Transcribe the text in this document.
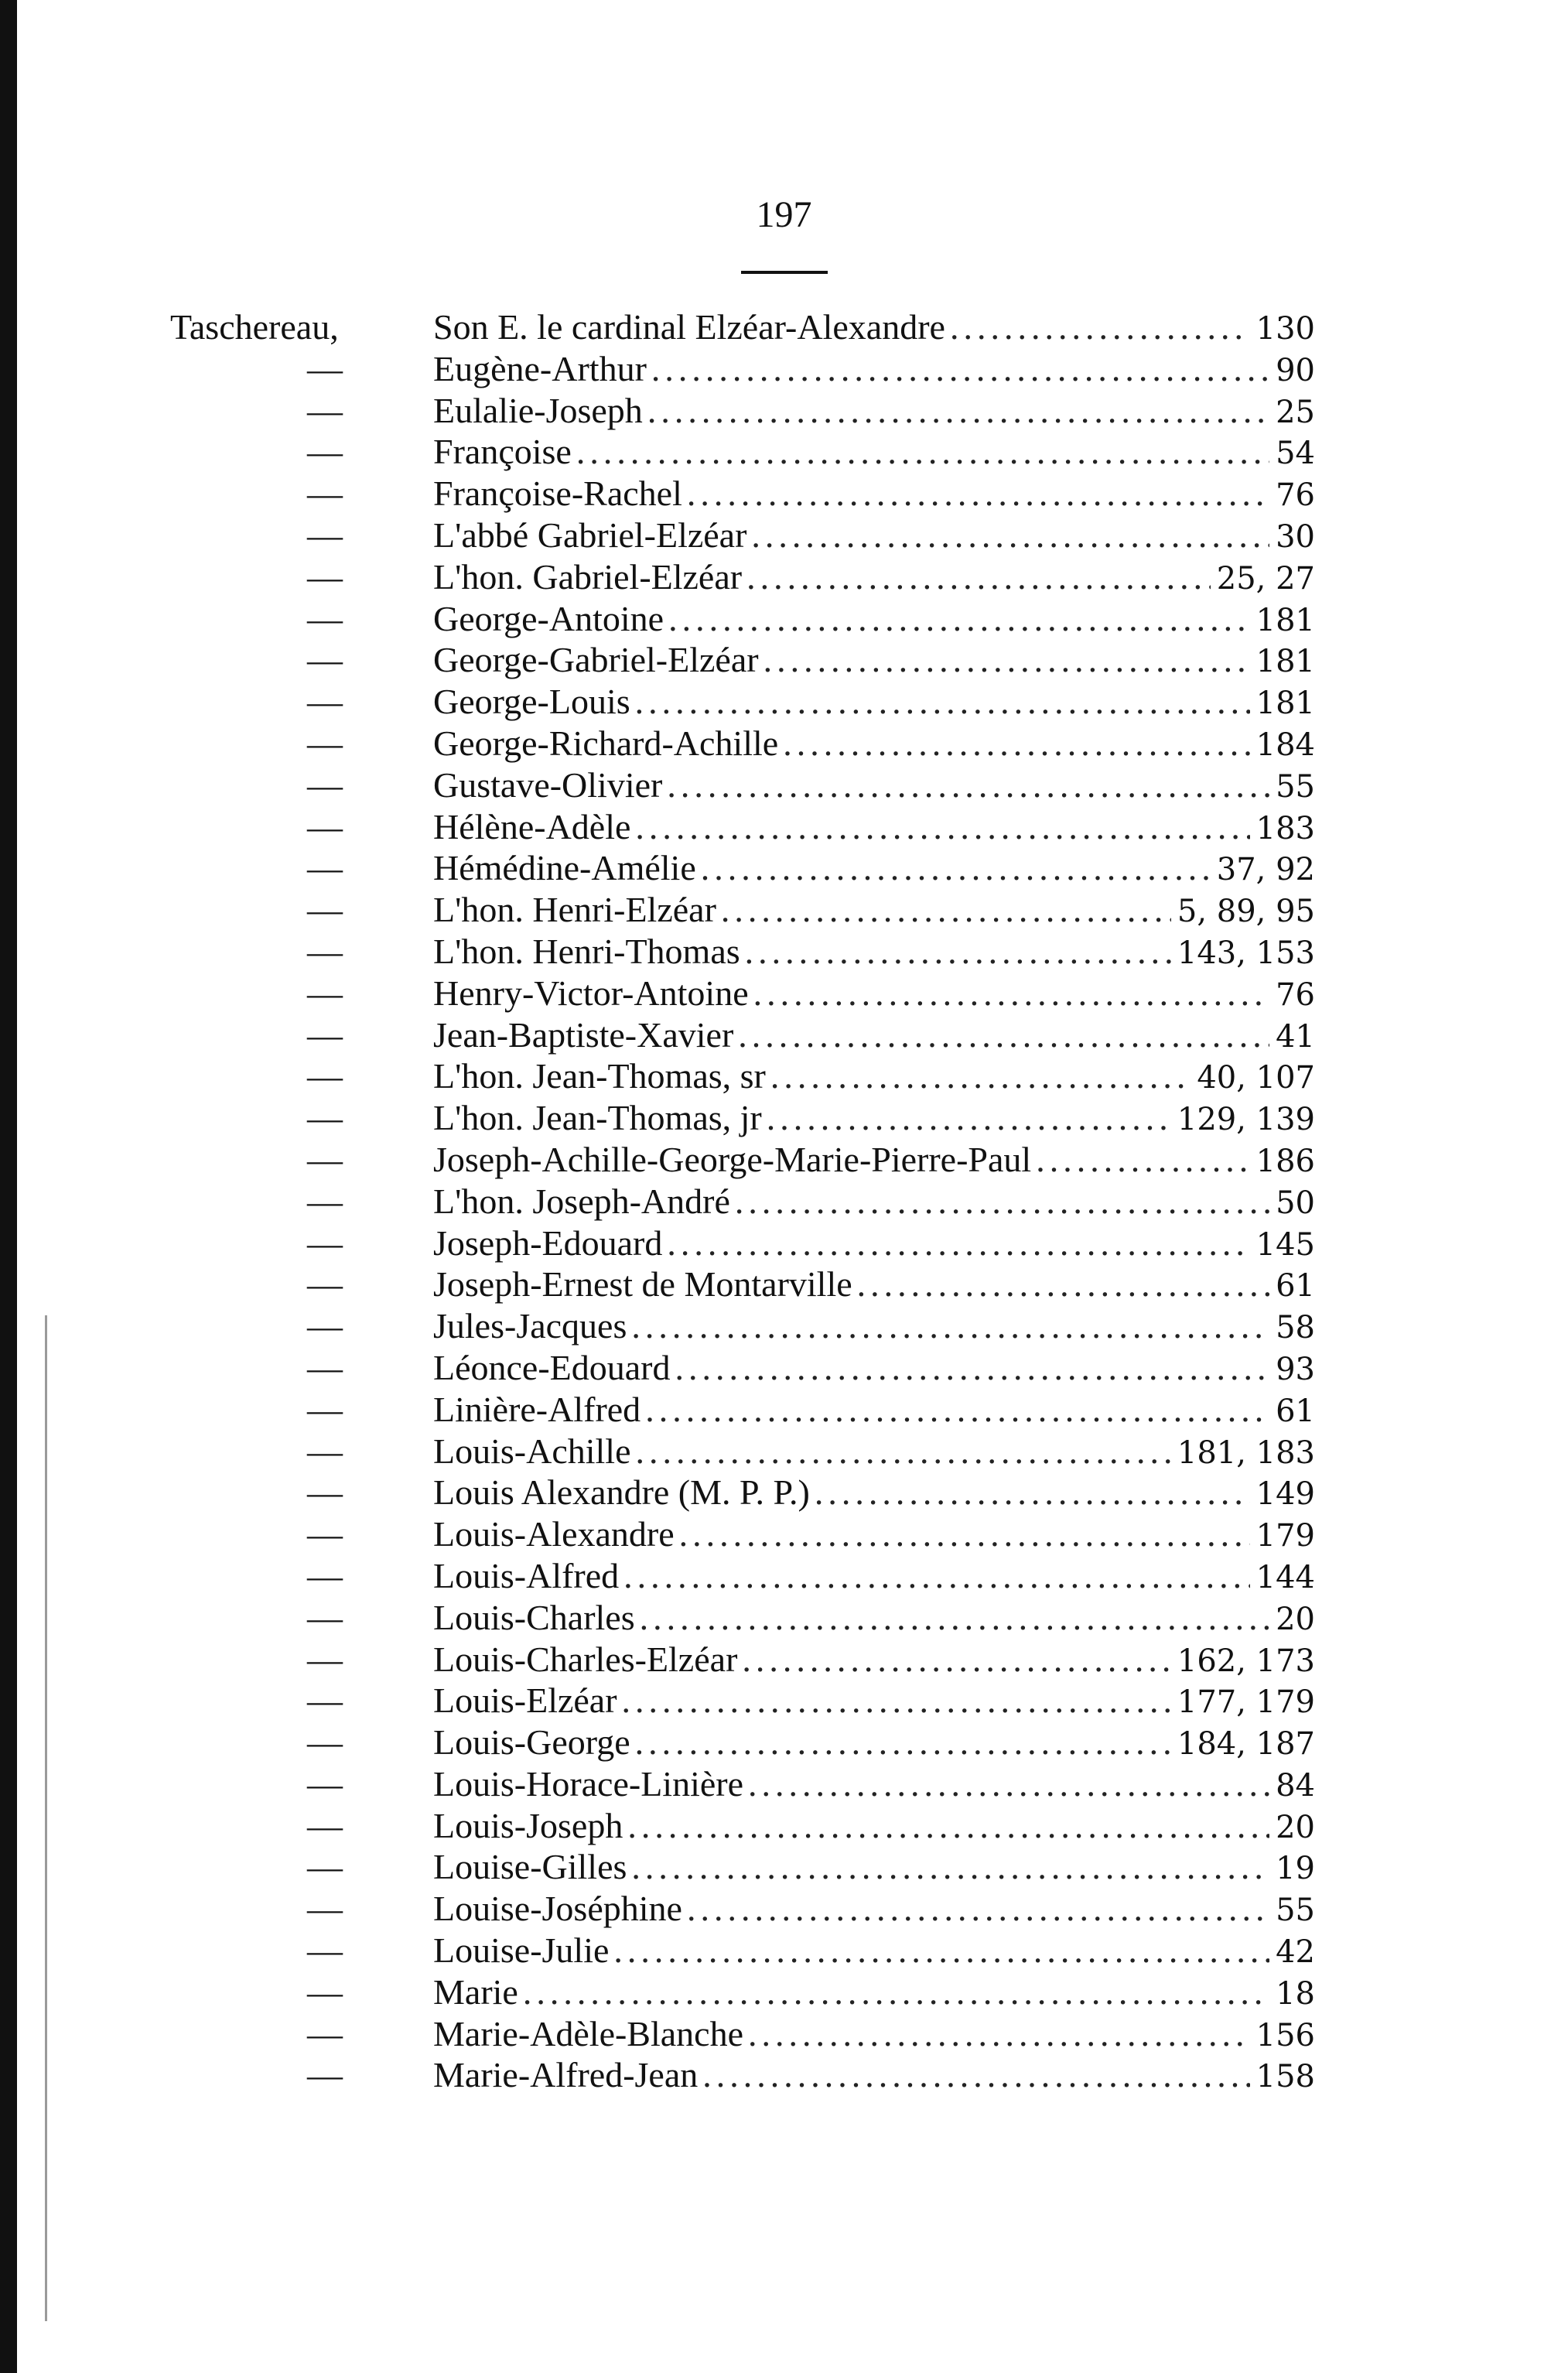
197
Taschereau,	Son E. le cardinal Elzéar-Alexandre .....	130
—	Eugène-Arthur .....	90
—	Eulalie-Joseph .....	25
—	Françoise .....	54
—	Françoise-Rachel .....	76
—	L'abbé Gabriel-Elzéar .....	30
—	L'hon. Gabriel-Elzéar .....	25, 27
—	George-Antoine .....	181
—	George-Gabriel-Elzéar .....	181
—	George-Louis .....	181
—	George-Richard-Achille .....	184
—	Gustave-Olivier .....	55
—	Hélène-Adèle .....	183
—	Hémédine-Amélie .....	37, 92
—	L'hon. Henri-Elzéar .....	5, 89, 95
—	L'hon. Henri-Thomas .....	143, 153
—	Henry-Victor-Antoine .....	76
—	Jean-Baptiste-Xavier .....	41
—	L'hon. Jean-Thomas, sr .....	40, 107
—	L'hon. Jean-Thomas, jr .....	129, 139
—	Joseph-Achille-George-Marie-Pierre-Paul .....	186
—	L'hon. Joseph-André .....	50
—	Joseph-Edouard .....	145
—	Joseph-Ernest de Montarville .....	61
—	Jules-Jacques .....	58
—	Léonce-Edouard .....	93
—	Linière-Alfred .....	61
—	Louis-Achille .....	181, 183
—	Louis Alexandre (M. P. P.) .....	149
—	Louis-Alexandre .....	179
—	Louis-Alfred .....	144
—	Louis-Charles .....	20
—	Louis-Charles-Elzéar .....	162, 173
—	Louis-Elzéar .....	177, 179
—	Louis-George .....	184, 187
—	Louis-Horace-Linière .....	84
—	Louis-Joseph .....	20
—	Louise-Gilles .....	19
—	Louise-Joséphine .....	55
—	Louise-Julie .....	42
—	Marie .....	18
—	Marie-Adèle-Blanche .....	156
—	Marie-Alfred-Jean .....	158
